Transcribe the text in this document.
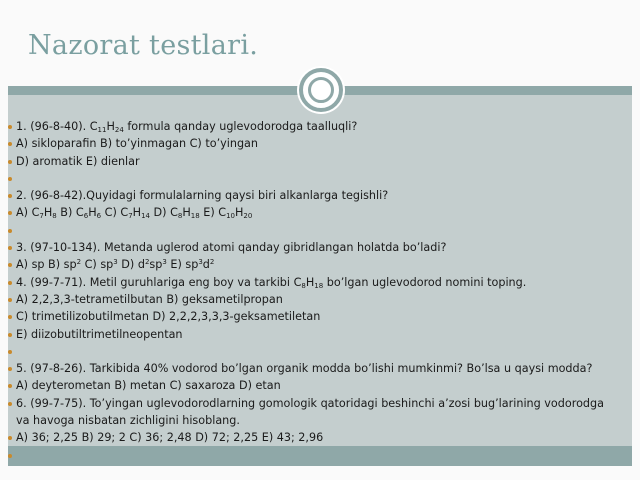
Nazorat testlari.
1. (96-8-40). $C_{11}H_{24}$ formula qanday uglevodorodga taalluqli?
A) sikloparafin B) to’yinmagan C) to’yingan
D) aromatik E) dienlar
2. (96-8-42).Quyidagi formulalarning qaysi biri alkanlarga tegishli?
A) $C_7H_8$ B) $C_6H_6$ C) $C_7H_{14}$ D) $C_8H_{18}$ E) $C_{10}H_{20}$
3. (97-10-134). Metanda uglerod atomi qanday gibridlangan holatda bo’ladi?
A) sp B) $sp^2$ C) $sp^3$ D) $d^2sp^3$ E) $sp^3d^2$
4. (99-7-71). Metil guruhlariga eng boy va tarkibi $C_8H_{18}$ bo’lgan uglevodorod nomini toping.
A) 2,2,3,3-tetrametilbutan B) geksametilpropan
C) trimetilizobutilmetan D) 2,2,2,3,3,3-geksametiletan
E) diizobutiltrimetilneopentan
5. (97-8-26). Tarkibida 40% vodorod bo’lgan organik modda bo’lishi mumkinmi? Bo’lsa u qaysi modda?
A) deyterometan B) metan C) saxaroza D) etan
6. (99-7-75). To’yingan uglevodorodlarning gomologik qatoridagi beshinchi a’zosi bug’larining vodorodga va havoga nisbatan zichligini hisoblang.
A) 36; 2,25 B) 29; 2 C) 36; 2,48 D) 72; 2,25 E) 43; 2,96
